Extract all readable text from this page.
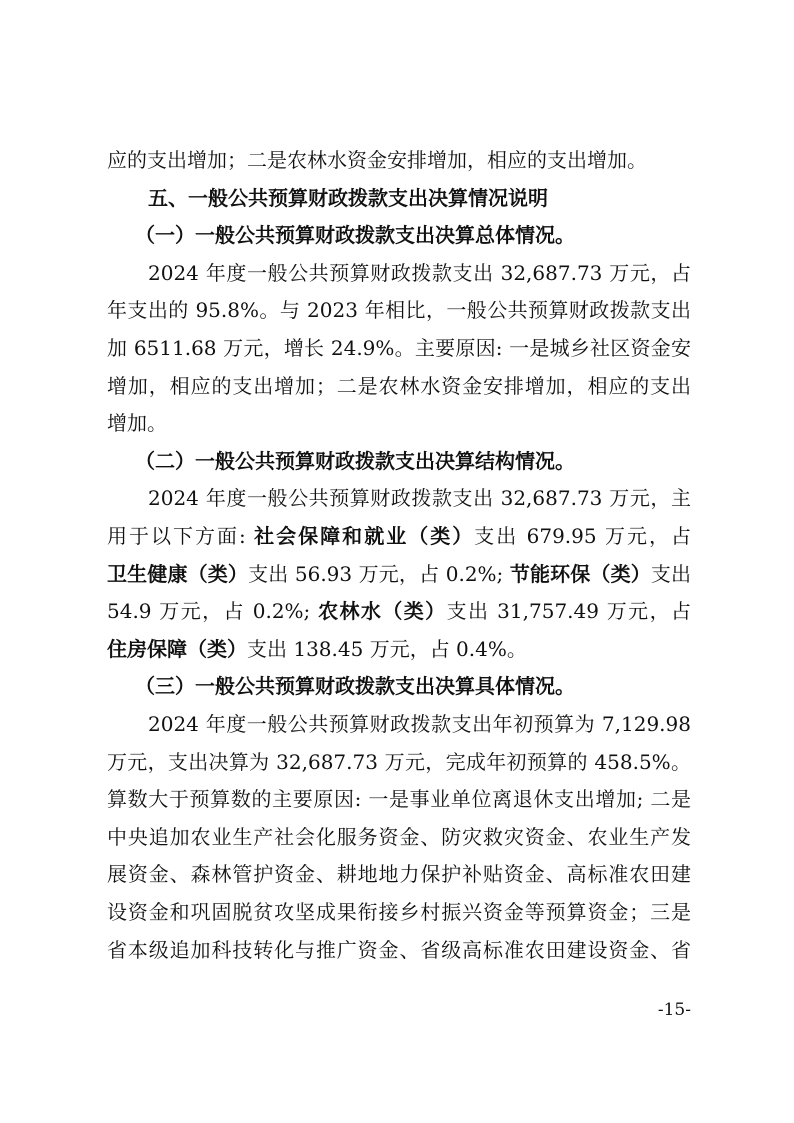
应的支出增加；二是农林水资金安排增加，相应的支出增加。
五、一般公共预算财政拨款支出决算情况说明
（一）一般公共预算财政拨款支出决算总体情况。
2024 年度一般公共预算财政拨款支出 32,687.73 万元，占
年支出的 95.8%。与 2023 年相比，一般公共预算财政拨款支出
加 6511.68 万元，增长 24.9%。主要原因: 一是城乡社区资金安
增加，相应的支出增加；二是农林水资金安排增加，相应的支出
增加。
（二）一般公共预算财政拨款支出决算结构情况。
2024 年度一般公共预算财政拨款支出 32,687.73 万元，主
用于以下方面: 社会保障和就业（类）支出 679.95 万元，占
卫生健康（类）支出 56.93 万元，占 0.2%; 节能环保（类）支出
54.9 万元，占 0.2%; 农林水（类）支出 31,757.49 万元，占
住房保障（类）支出 138.45 万元，占 0.4%。
（三）一般公共预算财政拨款支出决算具体情况。
2024 年度一般公共预算财政拨款支出年初预算为 7,129.98
万元，支出决算为 32,687.73 万元，完成年初预算的 458.5%。
算数大于预算数的主要原因: 一是事业单位离退休支出增加; 二是
中央追加农业生产社会化服务资金、防灾救灾资金、农业生产发
展资金、森林管护资金、耕地地力保护补贴资金、高标准农田建
设资金和巩固脱贫攻坚成果衔接乡村振兴资金等预算资金；三是
省本级追加科技转化与推广资金、省级高标准农田建设资金、省
-15-
